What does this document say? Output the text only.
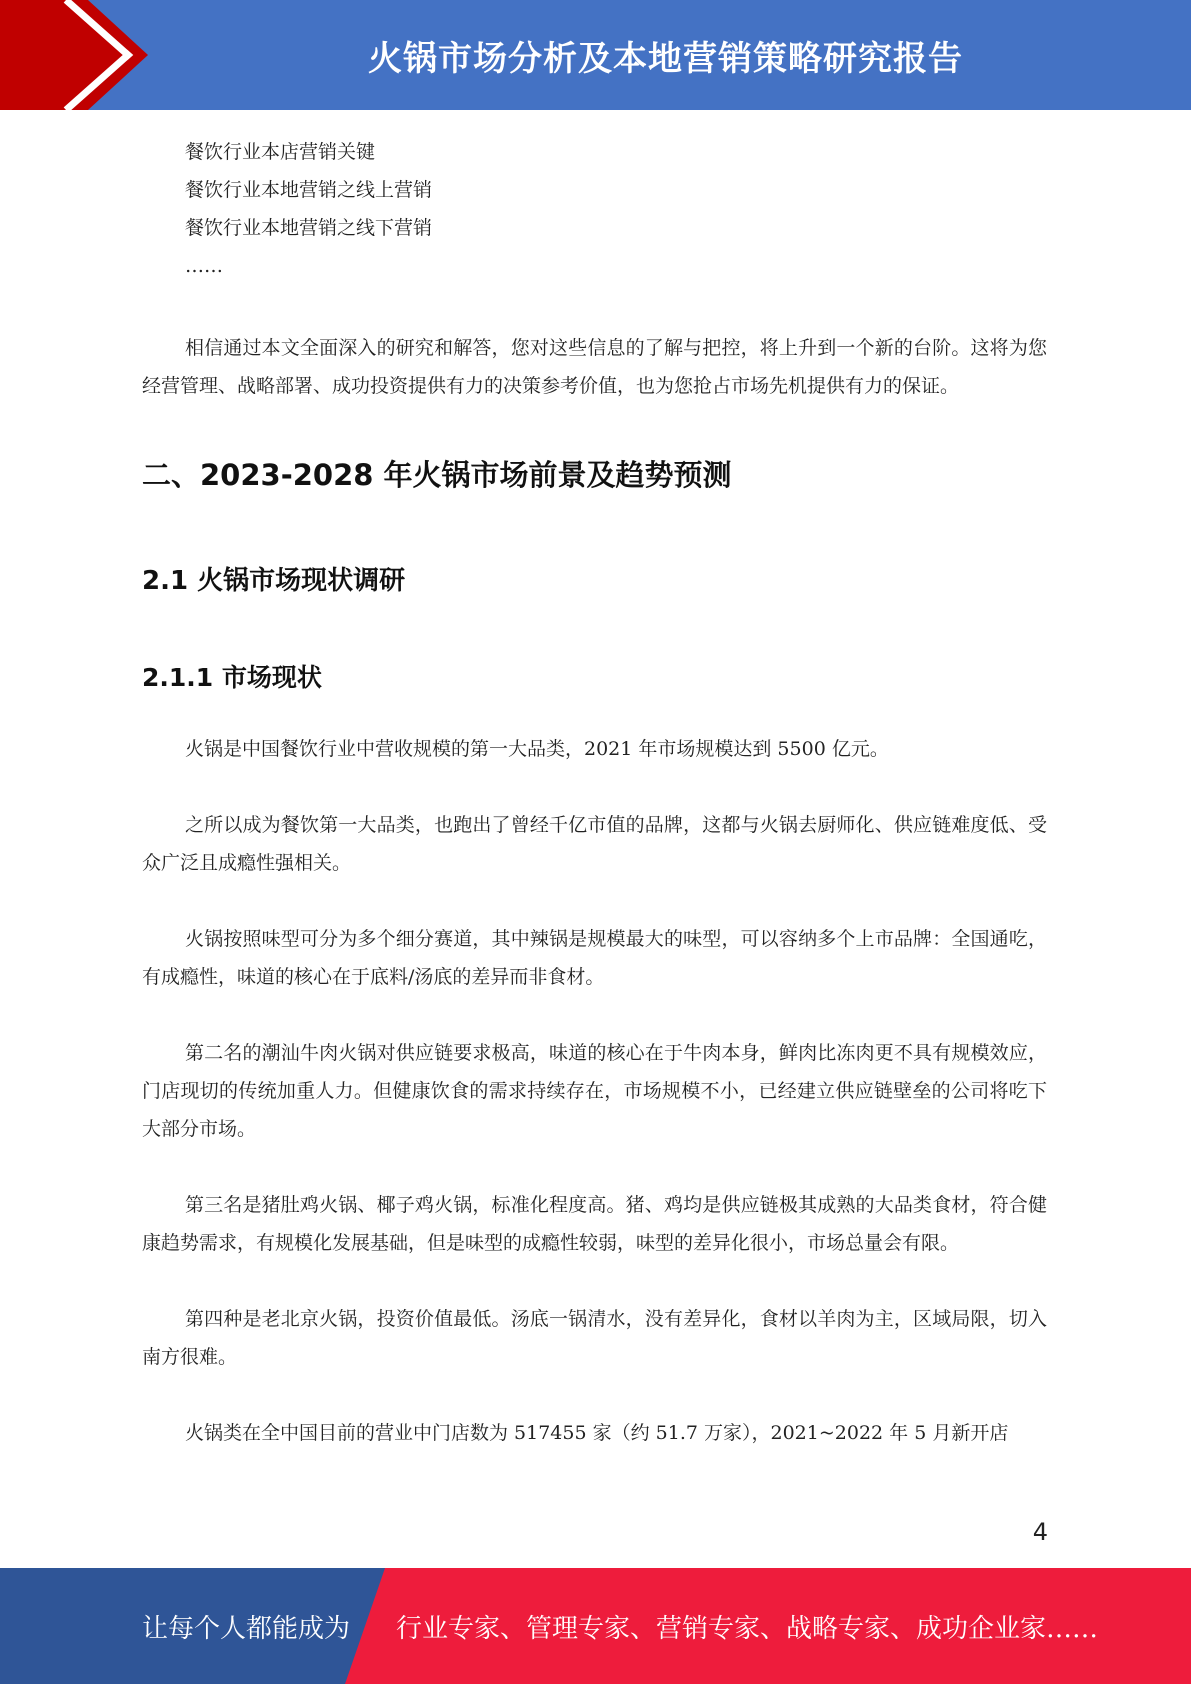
火锅市场分析及本地营销策略研究报告

餐饮行业本店营销关键

餐饮行业本地营销之线上营销

餐饮行业本地营销之线下营销

……

相信通过本文全面深入的研究和解答，您对这些信息的了解与把控，将上升到一个新的台阶。这将为您经营管理、战略部署、成功投资提供有力的决策参考价值，也为您抢占市场先机提供有力的保证。

二、2023-2028 年火锅市场前景及趋势预测
2.1 火锅市场现状调研
2.1.1 市场现状

火锅是中国餐饮行业中营收规模的第一大品类，2021 年市场规模达到 5500 亿元。

之所以成为餐饮第一大品类，也跑出了曾经千亿市值的品牌，这都与火锅去厨师化、供应链难度低、受众广泛且成瘾性强相关。

火锅按照味型可分为多个细分赛道，其中辣锅是规模最大的味型，可以容纳多个上市品牌：全国通吃，有成瘾性，味道的核心在于底料/汤底的差异而非食材。

第二名的潮汕牛肉火锅对供应链要求极高，味道的核心在于牛肉本身，鲜肉比冻肉更不具有规模效应，门店现切的传统加重人力。但健康饮食的需求持续存在，市场规模不小，已经建立供应链壁垒的公司将吃下大部分市场。

第三名是猪肚鸡火锅、椰子鸡火锅，标准化程度高。猪、鸡均是供应链极其成熟的大品类食材，符合健康趋势需求，有规模化发展基础，但是味型的成瘾性较弱，味型的差异化很小，市场总量会有限。

第四种是老北京火锅，投资价值最低。汤底一锅清水，没有差异化，食材以羊肉为主，区域局限，切入南方很难。

火锅类在全中国目前的营业中门店数为 517455 家（约 51.7 万家），2021~2022 年 5 月新开店

4
让每个人都能成为 行业专家、管理专家、营销专家、战略专家、成功企业家……
